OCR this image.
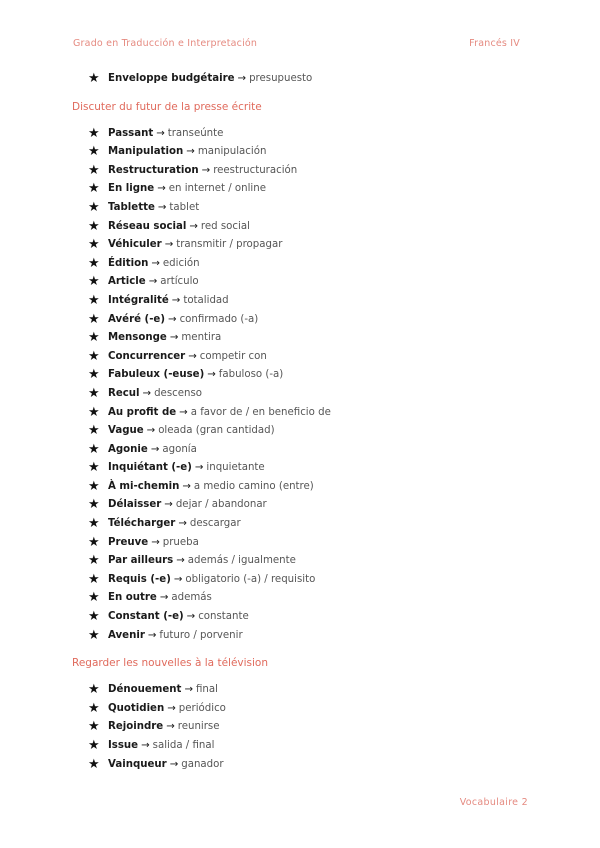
Grado en Traducción e Interpretación	Francés IV
★ Enveloppe budgétaire → presupuesto
Discuter du futur de la presse écrite
★ Passant → transeúnte
★ Manipulation → manipulación
★ Restructuration → reestructuración
★ En ligne → en internet / online
★ Tablette → tablet
★ Réseau social → red social
★ Véhiculer → transmitir / propagar
★ Édition → edición
★ Article → artículo
★ Intégralité → totalidad
★ Avéré (-e) → confirmado (-a)
★ Mensonge → mentira
★ Concurrencer → competir con
★ Fabuleux (-euse) → fabuloso (-a)
★ Recul → descenso
★ Au profit de → a favor de / en beneficio de
★ Vague → oleada (gran cantidad)
★ Agonie → agonía
★ Inquiétant (-e) → inquietante
★ À mi-chemin → a medio camino (entre)
★ Délaisser → dejar / abandonar
★ Télécharger → descargar
★ Preuve → prueba
★ Par ailleurs → además / igualmente
★ Requis (-e) → obligatorio (-a) / requisito
★ En outre → además
★ Constant (-e) → constante
★ Avenir → futuro / porvenir
Regarder les nouvelles à la télévision
★ Dénouement → final
★ Quotidien → periódico
★ Rejoindre → reunirse
★ Issue → salida / final
★ Vainqueur → ganador
Vocabulaire 2
